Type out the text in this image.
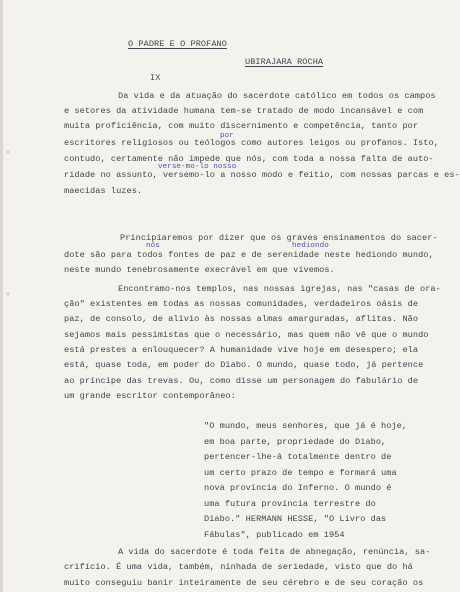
O PADRE E O PROFANO
UBIRAJARA ROCHA
IX
Da vida e da atuação do sacerdote católico em todos os campos
e setores da atividade humana tem-se tratado de modo incansável e com
muita proficiência, com muito discernimento e competência, tanto por
por
escritores religiosos ou teólogos como autores leigos ou profanos. Isto,
contudo, certamente não impede que nós, com toda a nossa falta de auto-
verse-mo-lo nosso
ridade no assunto, versemo-lo a nosso modo e feitio, com nossas parcas e es-
maecidas luzes.
Principiaremos por dizer que os graves ensinamentos do sacer-
nós	hediondo
dote são para todos fontes de paz e de serenidade neste hediondo mundo,
neste mundo tenebrosamente execrável em que vivemos.
Encontramo-nos templos, nas nossas igrejas, nas "casas de ora-
ção" existentes em todas as nossas comunidades, verdadeiros oásis de
paz, de consolo, de alívio às nossas almas amarguradas, aflitas. Não
sejamos mais pessimistas que o necessário, mas quem não vê que o mundo
está prestes a enlouquecer? A humanidade vive hoje em desespero; ela
está, quase toda, em poder do Diabo. O mundo, quase todo, já pertence
ao príncipe das trevas. Ou, como disse um personagem do fabulário de
um grande escritor contemporâneo:
"O mundo, meus senhores, que já é hoje,
em boa parte, propriedade do Diabo,
pertencer-lhe-á totalmente dentro de
um certo prazo de tempo e formará uma
nova província do Inferno. O mundo é
uma futura província terrestre do
Diabo." HERMANN HESSE, "O Livro das
Fábulas", publicado em 1954
A vida do sacerdote é toda feita de abnegação, renúncia, sa-
crifício. É uma vida, também, ninhada de seriedade, visto que do há
muito conseguiu banir inteiramente de seu cérebro e de seu coração os
